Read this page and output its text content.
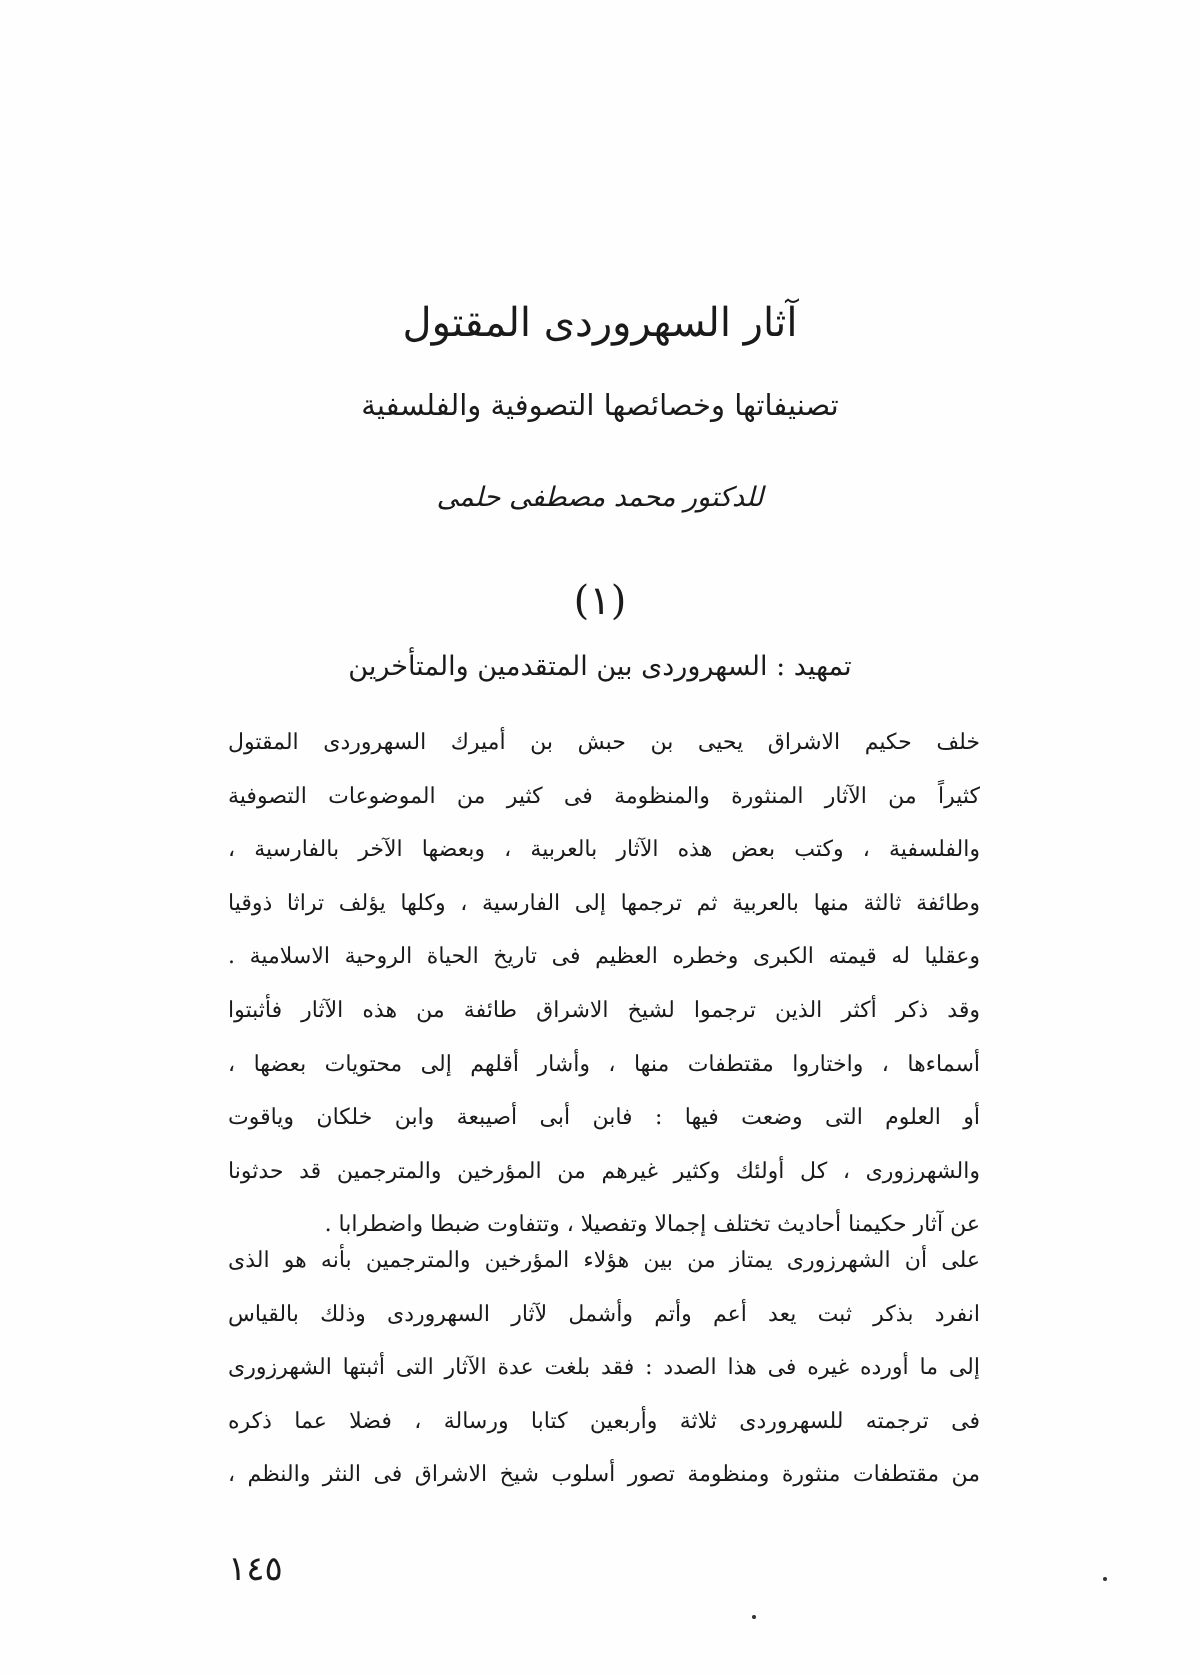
آثار السهروردى المقتول
تصنيفاتها وخصائصها التصوفية والفلسفية
للدكتور محمد مصطفى حلمى
(١)
تمهيد : السهروردى بين المتقدمين والمتأخرين
خلف حكيم الاشراق يحيى بن حبش بن أميرك السهروردى المقتول
كثيراً من الآثار المنثورة والمنظومة فى كثير من الموضوعات التصوفية
والفلسفية ، وكتب بعض هذه الآثار بالعربية ، وبعضها الآخر بالفارسية ،
وطائفة ثالثة منها بالعربية ثم ترجمها إلى الفارسية ، وكلها يؤلف تراثا ذوقيا
وعقليا له قيمته الكبرى وخطره العظيم فى تاريخ الحياة الروحية الاسلامية .
وقد ذكر أكثر الذين ترجموا لشيخ الاشراق طائفة من هذه الآثار فأثبتوا
أسماءها ، واختاروا مقتطفات منها ، وأشار أقلهم إلى محتويات بعضها ،
أو العلوم التى وضعت فيها : فابن أبى أصيبعة وابن خلكان وياقوت
والشهرزورى ، كل أولئك وكثير غيرهم من المؤرخين والمترجمين قد حدثونا
عن آثار حكيمنا أحاديث تختلف إجمالا وتفصيلا ، وتتفاوت ضبطا واضطرابا .
على أن الشهرزورى يمتاز من بين هؤلاء المؤرخين والمترجمين بأنه هو الذى
انفرد بذكر ثبت يعد أعم وأتم وأشمل لآثار السهروردى وذلك بالقياس
إلى ما أورده غيره فى هذا الصدد : فقد بلغت عدة الآثار التى أثبتها الشهرزورى
فى ترجمته للسهروردى ثلاثة وأربعين كتابا ورسالة ، فضلا عما ذكره
من مقتطفات منثورة ومنظومة تصور أسلوب شيخ الاشراق فى النثر والنظم ،
١٤٥
